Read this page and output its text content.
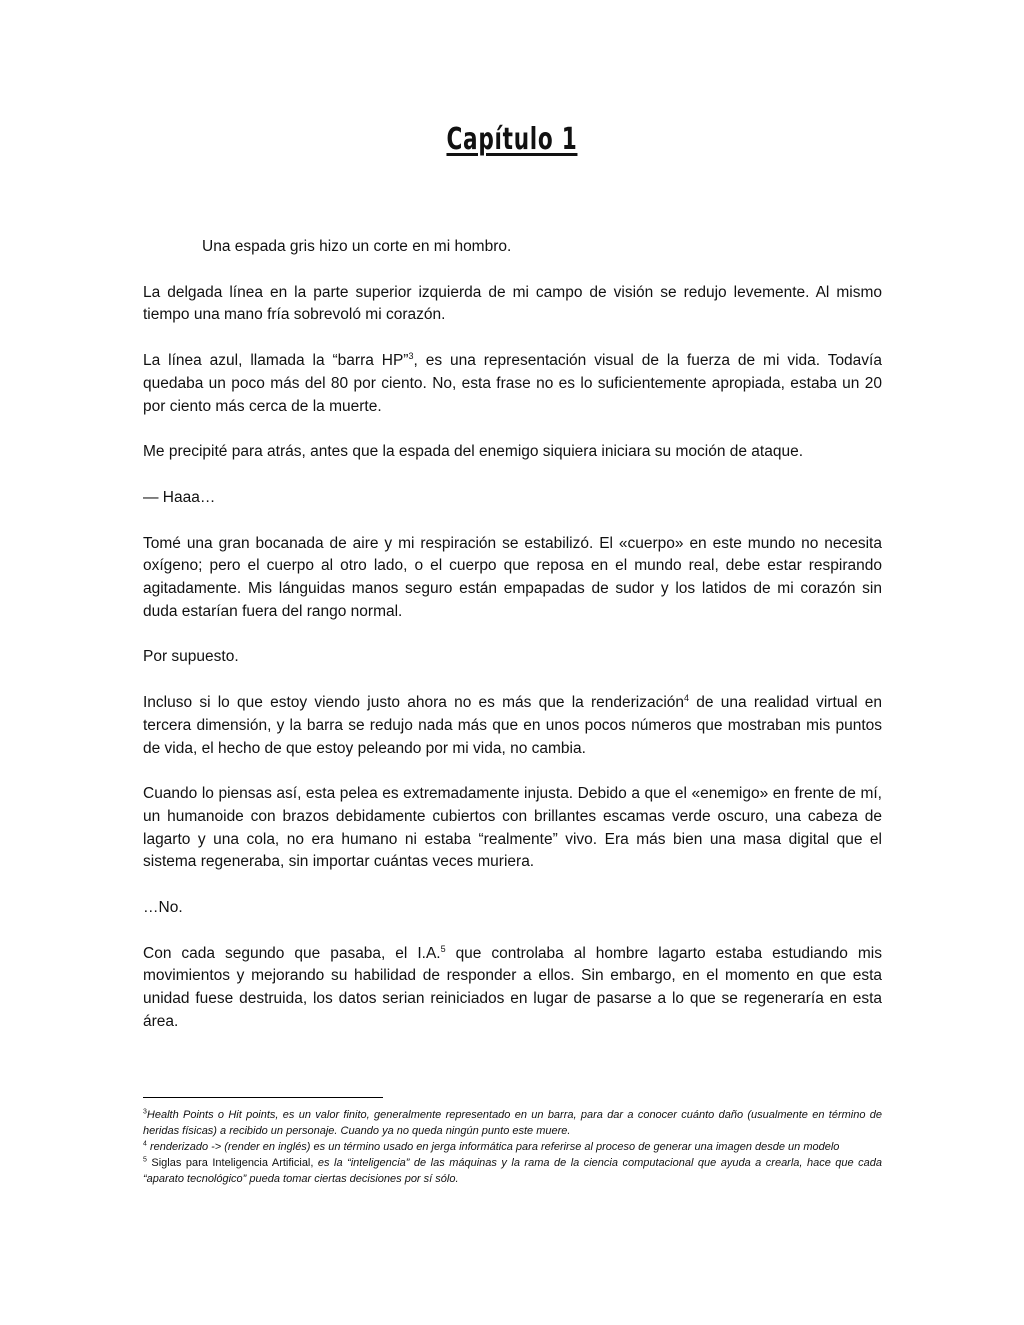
Capítulo 1

Una espada gris hizo un corte en mi hombro.

La delgada línea en la parte superior izquierda de mi campo de visión se redujo levemente. Al mismo tiempo una mano fría sobrevoló mi corazón.

La línea azul, llamada la “barra HP”$^3$, es una representación visual de la fuerza de mi vida. Todavía quedaba un poco más del 80 por ciento. No, esta frase no es lo suficientemente apropiada, estaba un 20 por ciento más cerca de la muerte.

Me precipité para atrás, antes que la espada del enemigo siquiera iniciara su moción de ataque.

— Haaa…

Tomé una gran bocanada de aire y mi respiración se estabilizó. El «cuerpo» en este mundo no necesita oxígeno; pero el cuerpo al otro lado, o el cuerpo que reposa en el mundo real, debe estar respirando agitadamente. Mis lánguidas manos seguro están empapadas de sudor y los latidos de mi corazón sin duda estarían fuera del rango normal.

Por supuesto.

Incluso si lo que estoy viendo justo ahora no es más que la renderización$^4$ de una realidad virtual en tercera dimensión, y la barra se redujo nada más que en unos pocos números que mostraban mis puntos de vida, el hecho de que estoy peleando por mi vida, no cambia.

Cuando lo piensas así, esta pelea es extremadamente injusta. Debido a que el «enemigo» en frente de mí, un humanoide con brazos debidamente cubiertos con brillantes escamas verde oscuro, una cabeza de lagarto y una cola, no era humano ni estaba “realmente” vivo. Era más bien una masa digital que el sistema regeneraba, sin importar cuántas veces muriera.

…No.

Con cada segundo que pasaba, el I.A.$^5$ que controlaba al hombre lagarto estaba estudiando mis movimientos y mejorando su habilidad de responder a ellos. Sin embargo, en el momento en que esta unidad fuese destruida, los datos serian reiniciados en lugar de pasarse a lo que se regeneraría en esta área.

$^3$Health Points o Hit points, es un valor finito, generalmente representado en un barra, para dar a conocer cuánto daño (usualmente en término de heridas físicas) a recibido un personaje. Cuando ya no queda ningún punto este muere.

$^4$ renderizado -> (render en inglés) es un término usado en jerga informática para referirse al proceso de generar una imagen desde un modelo

$^5$ Siglas para Inteligencia Artificial, es la “inteligencia” de las máquinas y la rama de la ciencia computacional que ayuda a crearla, hace que cada “aparato tecnológico” pueda tomar ciertas decisiones por sí sólo.
